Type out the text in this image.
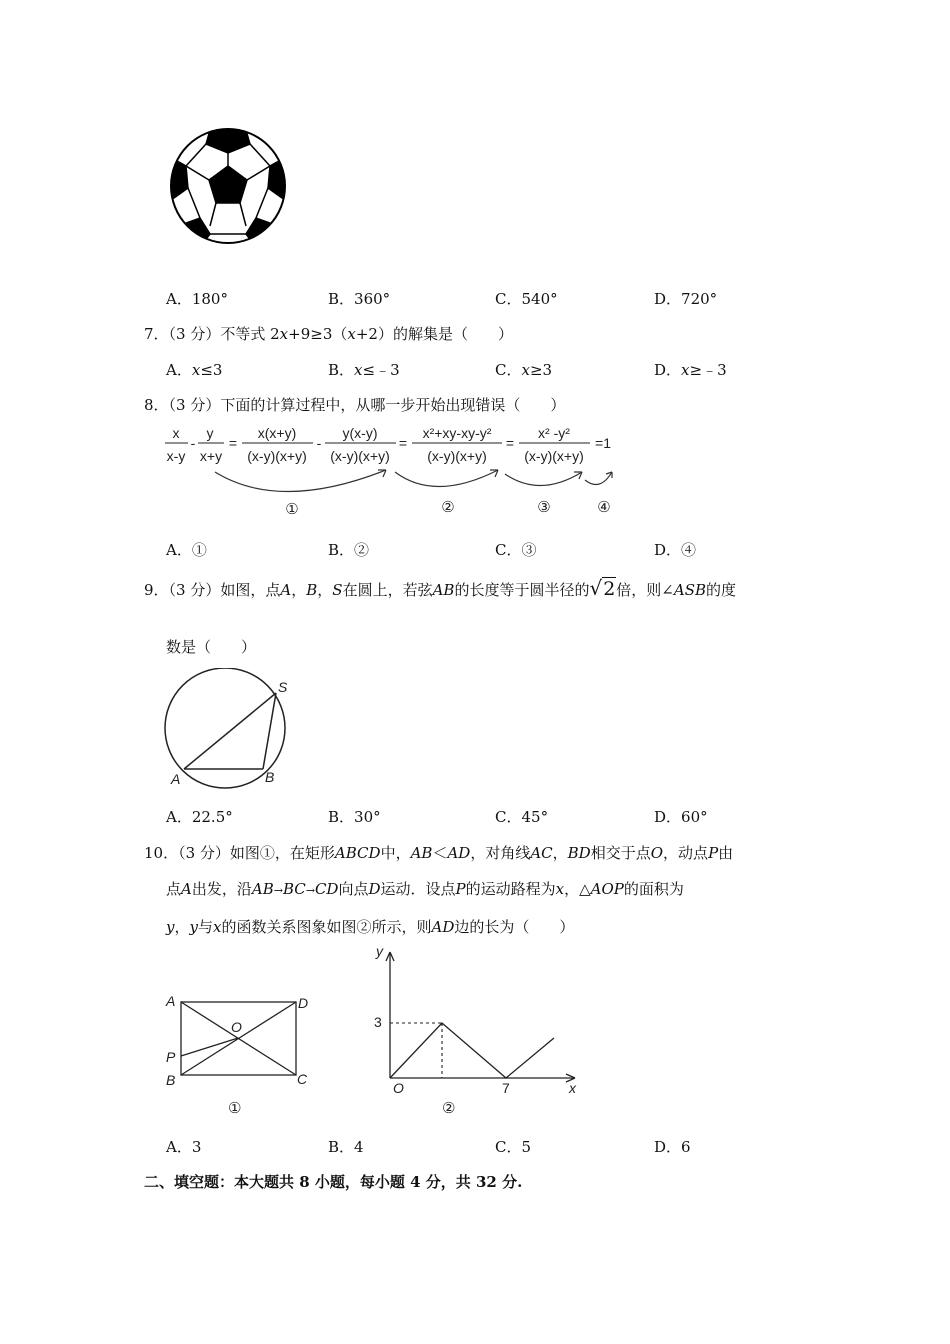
A．180°	B．360°	C．540°	D．720°
7．（3 分）不等式 2x+9≥3（x+2）的解集是（　　）
A．x≤3	B．x≤﹣3	C．x≥3	D．x≥﹣3
8．（3 分）下面的计算过程中，从哪一步开始出现错误（　　）
x
x-y
-
y
x+y
=
x(x+y)
(x-y)(x+y)
-
y(x-y)
(x-y)(x+y)
=
x²+xy-xy-y²
(x-y)(x+y)
=
x² -y²
(x-y)(x+y)
=1
①	②	③	④
A．①	B．②	C．③	D．④
9．（3 分）如图，点A，B，S在圆上，若弦AB的长度等于圆半径的√2倍，则∠ASB的度
数是（　　）
S
A	B
A．22.5°	B．30°	C．45°	D．60°
10．（3 分）如图①，在矩形ABCD中，AB＜AD，对角线AC，BD相交于点O，动点P由
点A出发，沿AB→BC→CD向点D运动．设点P的运动路程为x，△AOP的面积为
y，y与x的函数关系图象如图②所示，则AD边的长为（　　）
A	D
O
P
B	C
①
y
x
O
3
7
②
A．3	B．4	C．5	D．6
二、填空题：本大题共 8 小题，每小题 4 分，共 32 分.
